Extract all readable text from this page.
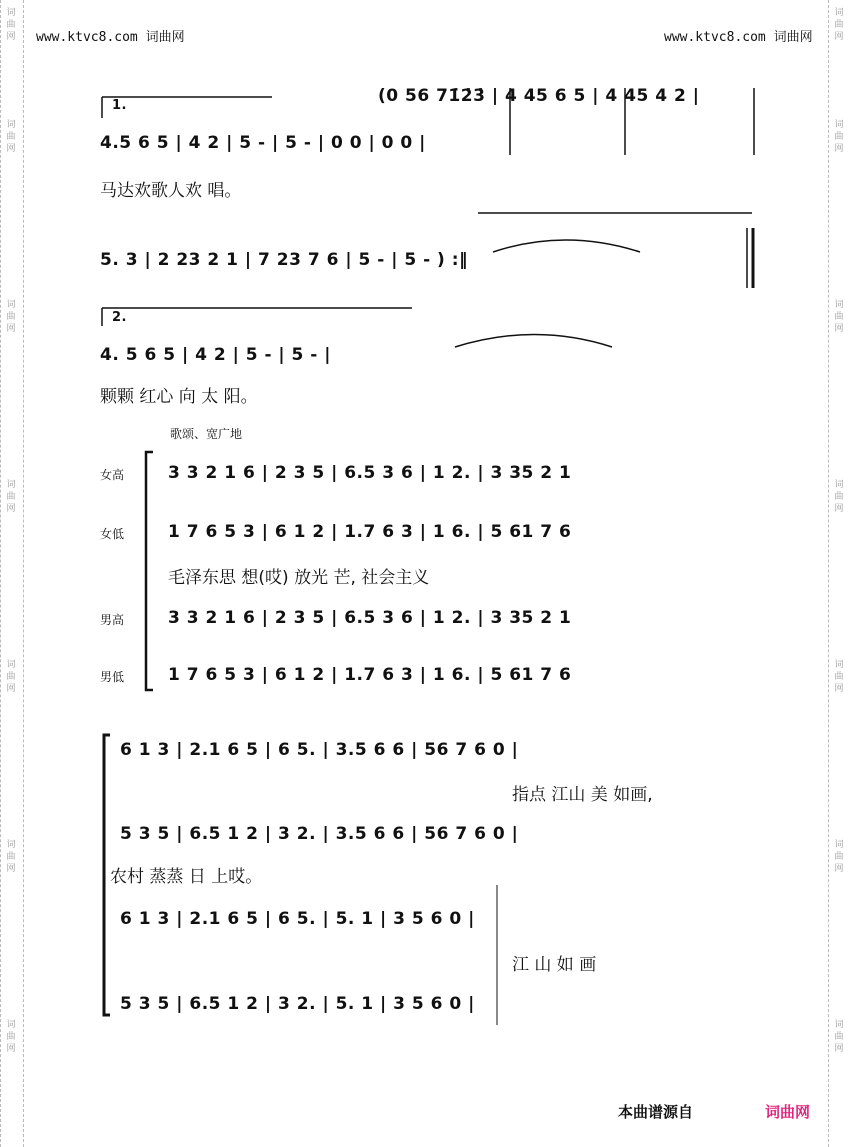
词
曲
网
词
曲
网
词
曲
网
词
曲
网
词
曲
网
词
曲
网
词
曲
网
词
曲
网
词
曲
网
词
曲
网
词
曲
网
词
曲
网
词
曲
网
词
曲
网
www.ktvc8.com 词曲网	www.ktvc8.com 词曲网
1.	(0 56 71̇2̇3̇ | 4 45 6 5 | 4 45 4 2 |
4.5 6 5 | 4 2 | 5 - | 5 - | 0 0 | 0 0 |
马达欢歌人欢 唱。
5. 3 | 2 23 2 1 | 7 23 7 6 | 5 - | 5 - ) :‖
2.
4. 5 6 5 | 4 2 | 5 - | 5 - |
颗颗 红心 向 太 阳。
歌颂、宽广地
女高	3 3 2 1 6 | 2 3 5 | 6.5 3 6 | 1 2. | 3 35 2 1
女低	1 7 6 5 3 | 6 1 2 | 1.7 6 3 | 1 6. | 5 61 7 6
毛泽东思 想(哎) 放光 芒, 社会主义
男高	3 3 2 1 6 | 2 3 5 | 6.5 3 6 | 1 2. | 3 35 2 1
男低	1 7 6 5 3 | 6 1 2 | 1.7 6 3 | 1 6. | 5 61 7 6
6 1 3 | 2.1 6 5 | 6 5. | 3.5 6 6 | 56 7 6 0 |
指点 江山 美 如画,
5 3 5 | 6.5 1 2 | 3 2. | 3.5 6 6 | 56 7 6 0 |
农村 蒸蒸 日 上哎。
6 1 3 | 2.1 6 5 | 6 5. | 5. 1 | 3 5 6 0 |
江 山 如 画
5 3 5 | 6.5 1 2 | 3 2. | 5. 1 | 3 5 6 0 |
本曲谱源自	词曲网
